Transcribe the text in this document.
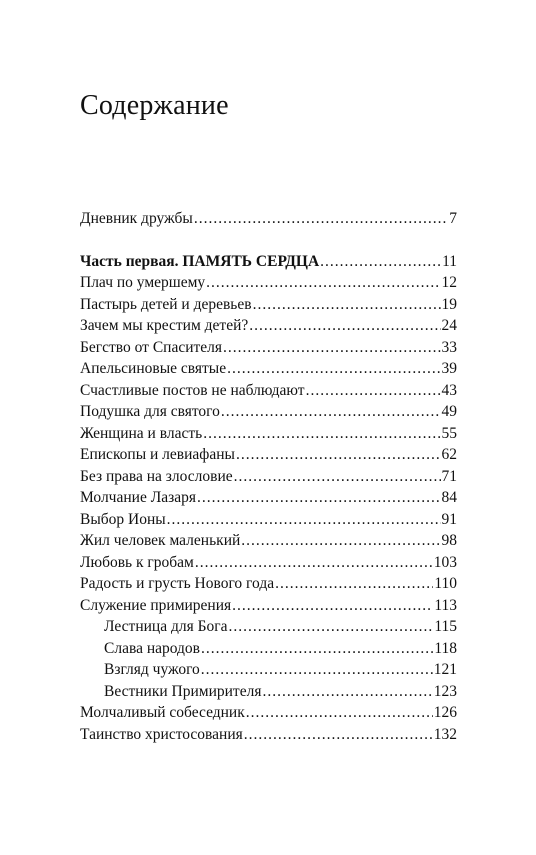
Содержание
Дневник дружбы .....	7
Часть первая. ПАМЯТЬ СЕРДЦА .....	11
Плач по умершему .....	12
Пастырь детей и деревьев .....	19
Зачем мы крестим детей? .....	24
Бегство от Спасителя .....	33
Апельсиновые святые .....	39
Счастливые постов не наблюдают .....	43
Подушка для святого .....	49
Женщина и власть .....	55
Епископы и левиафаны .....	62
Без права на злословие .....	71
Молчание Лазаря .....	84
Выбор Ионы .....	91
Жил человек маленький .....	98
Любовь к гробам .....	103
Радость и грусть Нового года .....	110
Служение примирения .....	113
Лестница для Бога .....	115
Слава народов .....	118
Взгляд чужого .....	121
Вестники Примирителя .....	123
Молчаливый собеседник .....	126
Таинство христосования .....	132
